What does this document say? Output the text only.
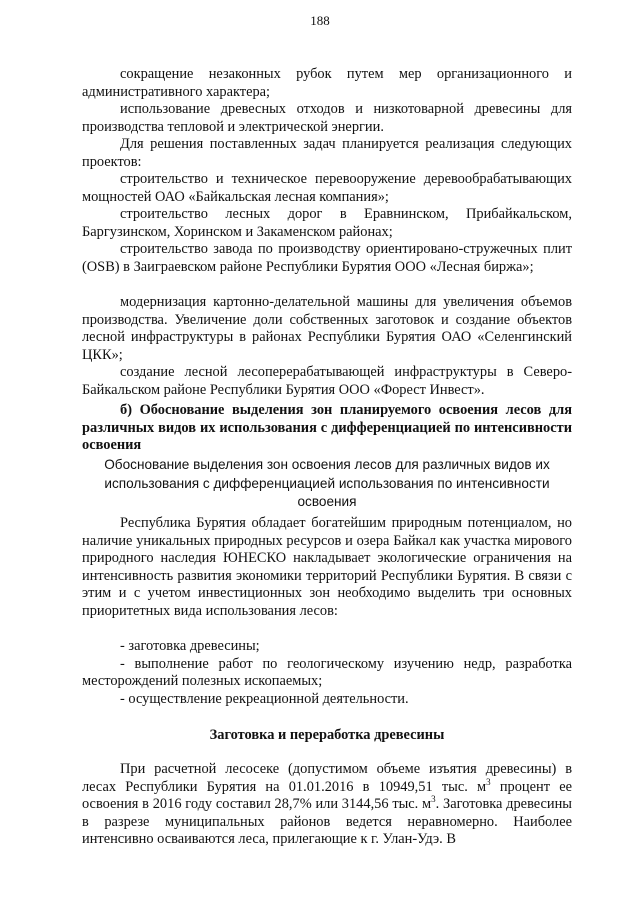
188

сокращение незаконных рубок путем мер организационного и административного характера;

использование древесных отходов и низкотоварной древесины для производства тепловой и электрической энергии.

Для решения поставленных задач планируется реализация следующих проектов:

строительство и техническое перевооружение деревообрабатывающих мощностей ОАО «Байкальская лесная компания»;

строительство лесных дорог в Еравнинском, Прибайкальском, Баргузинском, Хоринском и Закаменском районах;

строительство завода по производству ориентировано-стружечных плит (OSB) в Заиграевском районе Республики Бурятия ООО «Лесная биржа»;

модернизация картонно-делательной машины для увеличения объемов производства. Увеличение доли собственных заготовок и создание объектов лесной инфраструктуры в районах Республики Бурятия ОАО «Селенгинский ЦКК»;

создание лесной лесоперерабатывающей инфраструктуры в Северо-Байкальском районе Республики Бурятия ООО «Форест Инвест».

б) Обоснование выделения зон планируемого освоения лесов для различных видов их использования с дифференциацией по интенсивности освоения

Обоснование выделения зон освоения лесов для различных видов их использования с дифференциацией использования по интенсивности освоения

Республика Бурятия обладает богатейшим природным потенциалом, но наличие уникальных природных ресурсов и озера Байкал как участка мирового природного наследия ЮНЕСКО накладывает экологические ограничения на интенсивность развития экономики территорий Республики Бурятия. В связи с этим и с учетом инвестиционных зон необходимо выделить три основных приоритетных вида использования лесов:

- заготовка древесины;

- выполнение работ по геологическому изучению недр, разработка месторождений полезных ископаемых;

- осуществление рекреационной деятельности.

Заготовка и переработка древесины

При расчетной лесосеке (допустимом объеме изъятия древесины) в лесах Республики Бурятия на 01.01.2016 в 10949,51 тыс. $м^3$ процент ее освоения в 2016 году составил 28,7% или 3144,56 тыс. $м^3$. Заготовка древесины в разрезе муниципальных районов ведется неравномерно. Наиболее интенсивно осваиваются леса, прилегающие к г. Улан-Удэ. В
